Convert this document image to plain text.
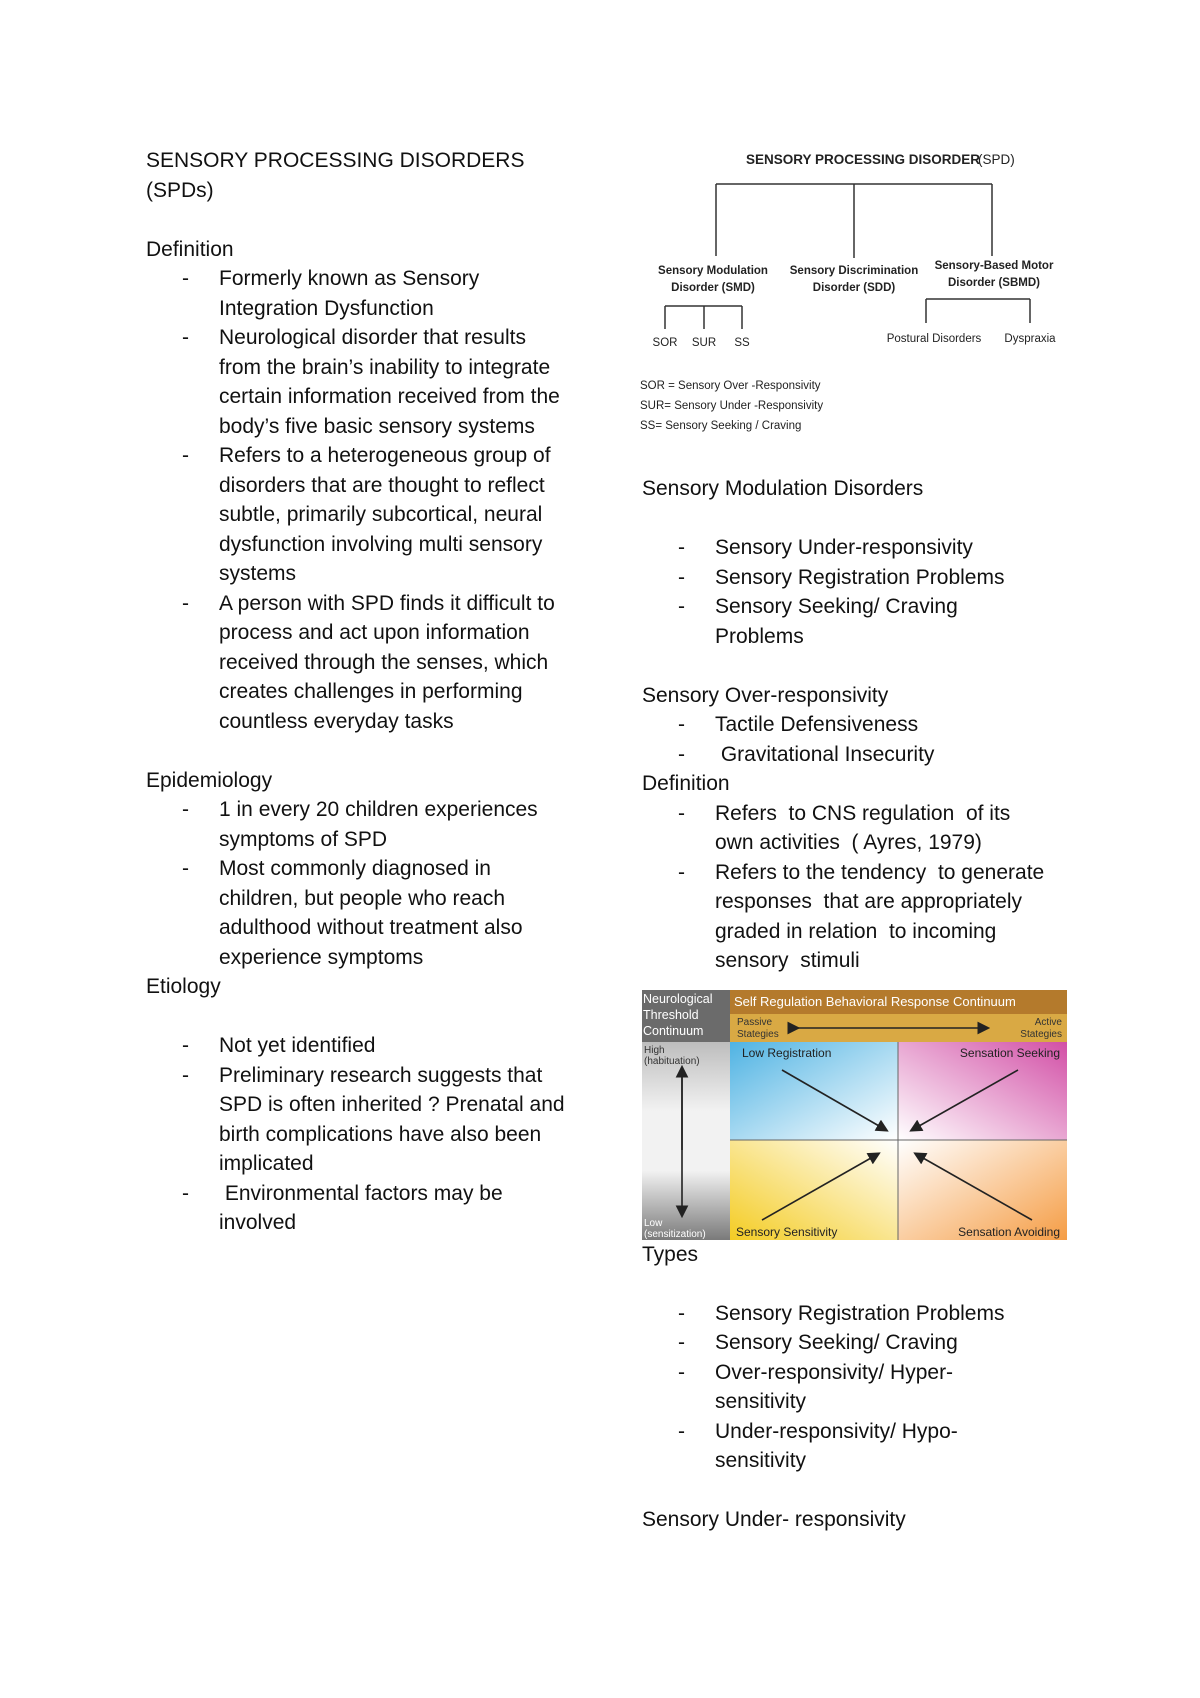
SENSORY PROCESSING DISORDERS

(SPDs)

Definition

- Formerly known as Sensory Integration Dysfunction
- Neurological disorder that results from the brain’s inability to integrate certain information received from the body’s five basic sensory systems
- Refers to a heterogeneous group of disorders that are thought to reflect subtle, primarily subcortical, neural dysfunction involving multi sensory systems
- A person with SPD finds it difficult to process and act upon information received through the senses, which creates challenges in performing countless everyday tasks

Epidemiology

- 1 in every 20 children experiences symptoms of SPD
- Most commonly diagnosed in children, but people who reach adulthood without treatment also experience symptoms

Etiology

- Not yet identified
- Preliminary research suggests that SPD is often inherited ? Prenatal and birth complications have also been implicated
- Environmental factors may be involved
SENSORY PROCESSING DISORDER
(SPD)
Sensory Modulation
Disorder (SMD)
Sensory Discrimination
Disorder (SDD)
Sensory-Based Motor
Disorder (SBMD)
SOR SUR SS	Postural Disorders Dyspraxia
SOR = Sensory Over -Responsivity
SUR= Sensory Under -Responsivity
SS= Sensory Seeking / Craving

Sensory Modulation Disorders

- Sensory Under-responsivity
- Sensory Registration Problems
- Sensory Seeking/ Craving Problems

Sensory Over-responsivity

- Tactile Defensiveness
- Gravitational Insecurity

Definition

- Refers  to CNS regulation  of its own activities  ( Ayres, 1979)
- Refers to the tendency  to generate  responses  that are appropriately  graded in relation  to incoming  sensory  stimuli
Neurological
Threshold
Continuum
Self Regulation Behavioral Response Continuum
Passive
Stategies
Active
Stategies
High
(habituation)
Low
(sensitization)
Low Registration	Sensation Seeking
Sensory Sensitivity	Sensation Avoiding

Types

- Sensory Registration Problems
- Sensory Seeking/ Craving
- Over-responsivity/ Hyper-sensitivity
- Under-responsivity/ Hypo-sensitivity

Sensory Under- responsivity
